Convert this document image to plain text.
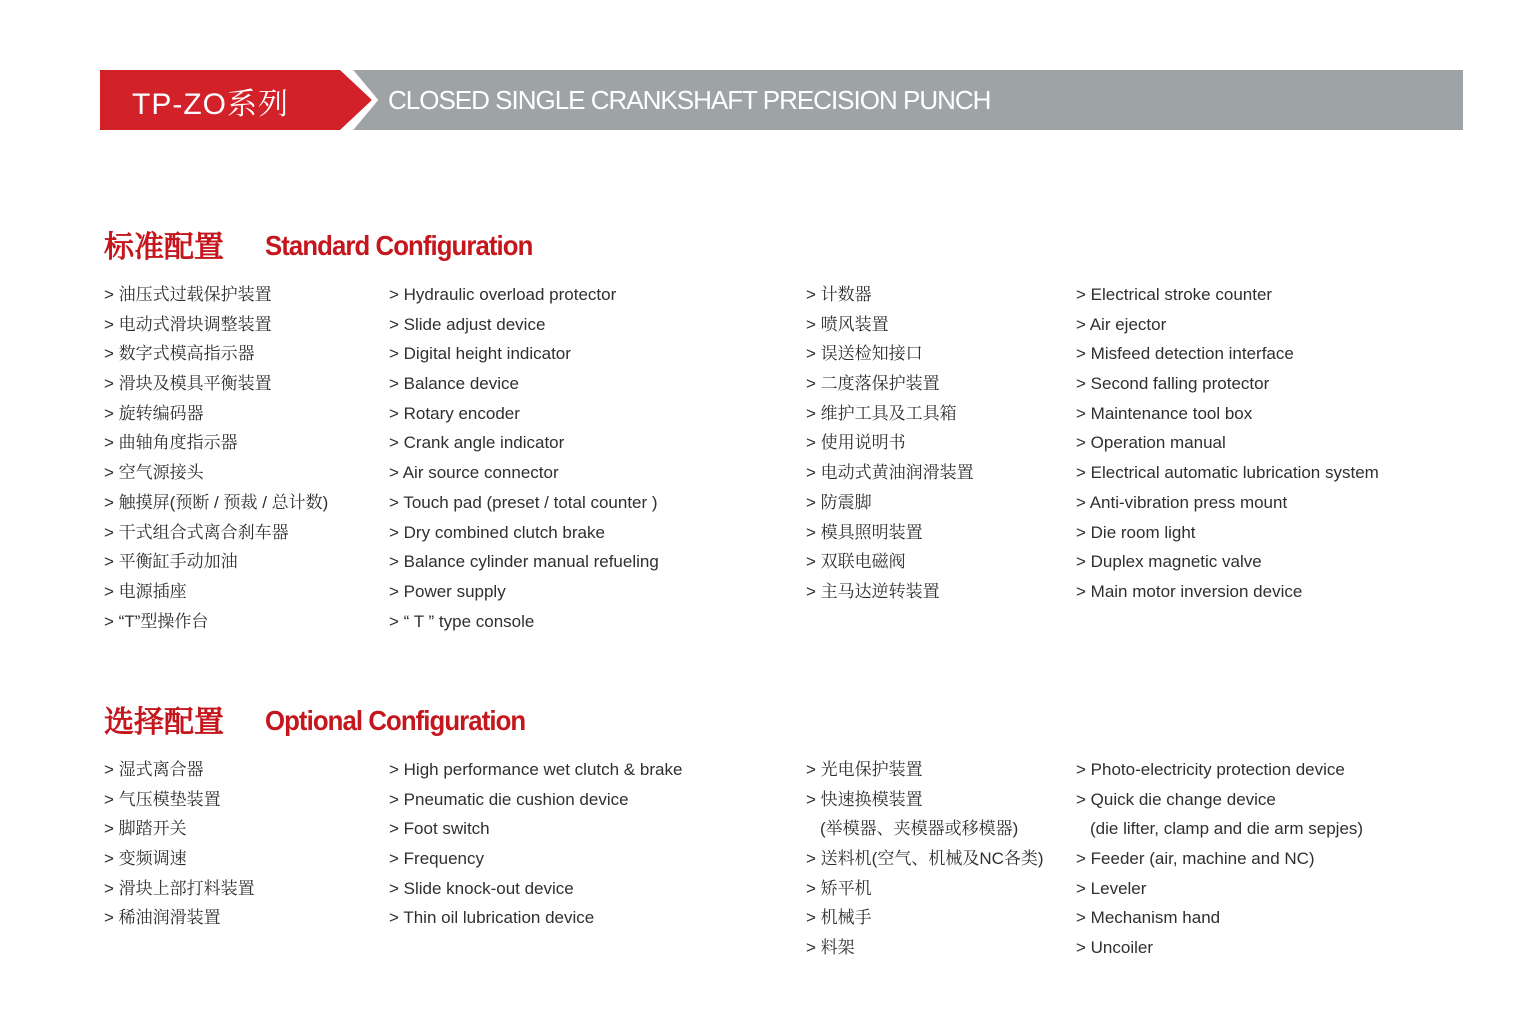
TP-ZO系列	CLOSED SINGLE CRANKSHAFT PRECISION PUNCH
标准配置 Standard Configuration
> 油压式过载保护装置
> 电动式滑块调整装置
> 数字式模高指示器
> 滑块及模具平衡装置
> 旋转编码器
> 曲轴角度指示器
> 空气源接头
> 触摸屏(预断 / 预裁 / 总计数)
> 干式组合式离合刹车器
> 平衡缸手动加油
> 电源插座
> “T”型操作台
> Hydraulic overload protector
> Slide adjust device
> Digital height indicator
> Balance device
> Rotary encoder
> Crank angle indicator
> Air source connector
> Touch pad (preset / total counter )
> Dry combined clutch brake
> Balance cylinder manual refueling
> Power supply
> “ T ” type console
> 计数器
> 喷风装置
> 误送检知接口
> 二度落保护装置
> 维护工具及工具箱
> 使用说明书
> 电动式黄油润滑装置
> 防震脚
> 模具照明装置
> 双联电磁阀
> 主马达逆转装置
> Electrical stroke counter
> Air ejector
> Misfeed detection interface
> Second falling protector
> Maintenance tool box
> Operation manual
> Electrical automatic lubrication system
> Anti-vibration press mount
> Die room light
> Duplex magnetic valve
> Main motor inversion device
选择配置 Optional Configuration
> 湿式离合器
> 气压模垫装置
> 脚踏开关
> 变频调速
> 滑块上部打料装置
> 稀油润滑装置
> High performance wet clutch & brake
> Pneumatic die cushion device
> Foot switch
> Frequency
> Slide knock-out device
> Thin oil lubrication device
> 光电保护装置
> 快速换模装置
(举模器、夹模器或移模器)
> 送料机(空气、机械及NC各类)
> 矫平机
> 机械手
> 料架
> Photo-electricity protection device
> Quick die change device
(die lifter, clamp and die arm sepjes)
> Feeder (air, machine and NC)
> Leveler
> Mechanism hand
> Uncoiler
